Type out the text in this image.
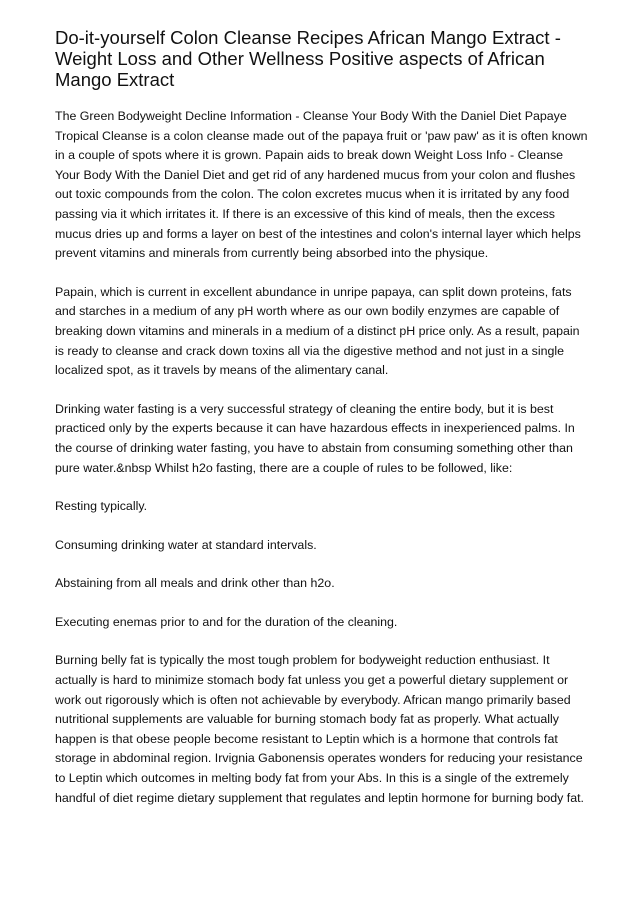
Do-it-yourself Colon Cleanse Recipes African Mango Extract - Weight Loss and Other Wellness Positive aspects of African Mango Extract

The Green Bodyweight Decline Information - Cleanse Your Body With the Daniel Diet Papaye Tropical Cleanse is a colon cleanse made out of the papaya fruit or 'paw paw' as it is often known in a couple of spots where it is grown. Papain aids to break down Weight Loss Info - Cleanse Your Body With the Daniel Diet and get rid of any hardened mucus from your colon and flushes out toxic compounds from the colon. The colon excretes mucus when it is irritated by any food passing via it which irritates it. If there is an excessive of this kind of meals, then the excess mucus dries up and forms a layer on best of the intestines and colon's internal layer which helps prevent vitamins and minerals from currently being absorbed into the physique.

Papain, which is current in excellent abundance in unripe papaya, can split down proteins, fats and starches in a medium of any pH worth where as our own bodily enzymes are capable of breaking down vitamins and minerals in a medium of a distinct pH price only. As a result, papain is ready to cleanse and crack down toxins all via the digestive method and not just in a single localized spot, as it travels by means of the alimentary canal.

Drinking water fasting is a very successful strategy of cleaning the entire body, but it is best practiced only by the experts because it can have hazardous effects in inexperienced palms. In the course of drinking water fasting, you have to abstain from consuming something other than pure water.&nbsp Whilst h2o fasting, there are a couple of rules to be followed, like:

Resting typically.

Consuming drinking water at standard intervals.

Abstaining from all meals and drink other than h2o.

Executing enemas prior to and for the duration of the cleaning.

Burning belly fat is typically the most tough problem for bodyweight reduction enthusiast. It actually is hard to minimize stomach body fat unless you get a powerful dietary supplement or work out rigorously which is often not achievable by everybody. African mango primarily based nutritional supplements are valuable for burning stomach body fat as properly. What actually happen is that obese people become resistant to Leptin which is a hormone that controls fat storage in abdominal region. Irvignia Gabonensis operates wonders for reducing your resistance to Leptin which outcomes in melting body fat from your Abs. In this is a single of the extremely handful of diet regime dietary supplement that regulates and leptin hormone for burning body fat.
